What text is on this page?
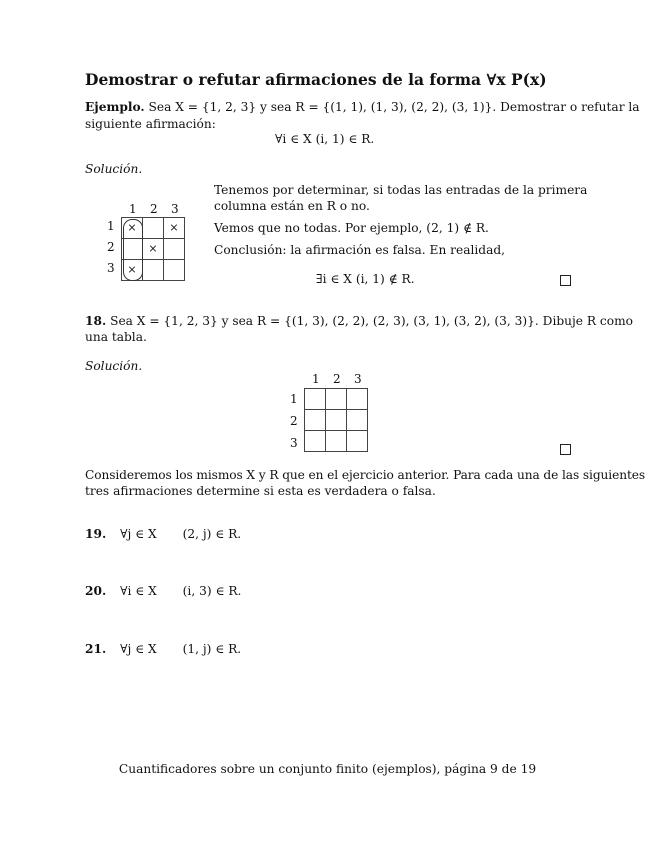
Demostrar o refutar afirmaciones de la forma ∀x P(x)
Ejemplo. Sea X = {1, 2, 3} y sea R = {(1, 1), (1, 3), (2, 2), (3, 1)}. Demostrar o refutar la
siguiente afirmación:
∀i ∈ X (i, 1) ∈ R.
Solución.
1 2 3
1
2
3
×		×
	×	
×		
Tenemos por determinar, si todas las entradas de la primera
columna están en R o no.
Vemos que no todas. Por ejemplo, (2, 1) ∉ R.
Conclusión: la afirmación es falsa. En realidad,
∃i ∈ X (i, 1) ∉ R.
18. Sea X = {1, 2, 3} y sea R = {(1, 3), (2, 2), (2, 3), (3, 1), (3, 2), (3, 3)}. Dibuje R como
una tabla.
Solución.
1 2 3
1
2
3

Consideremos los mismos X y R que en el ejercicio anterior. Para cada una de las siguientes
tres afirmaciones determine si esta es verdadera o falsa.
19. ∀j ∈ X (2, j) ∈ R.
20. ∀i ∈ X (i, 3) ∈ R.
21. ∀j ∈ X (1, j) ∈ R.
Cuantificadores sobre un conjunto finito (ejemplos), página 9 de 19
